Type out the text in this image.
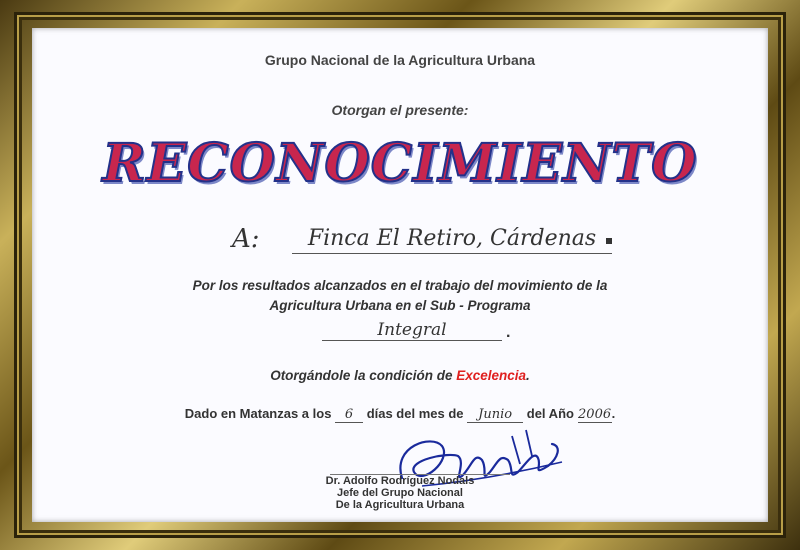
Grupo Nacional de la Agricultura Urbana
Otorgan el presente:
RECONOCIMIENTO
A:	Finca El Retiro, Cárdenas
Por los resultados alcanzados en el trabajo del movimiento de la
Agricultura Urbana en el Sub - Programa
Integral	.
Otorgándole la condición de Excelencia.
Dado en Matanzas a los 6 días del mes de Junio del Año 2006.
Dr. Adolfo Rodríguez Nodals
Jefe del Grupo Nacional
De la Agricultura Urbana
